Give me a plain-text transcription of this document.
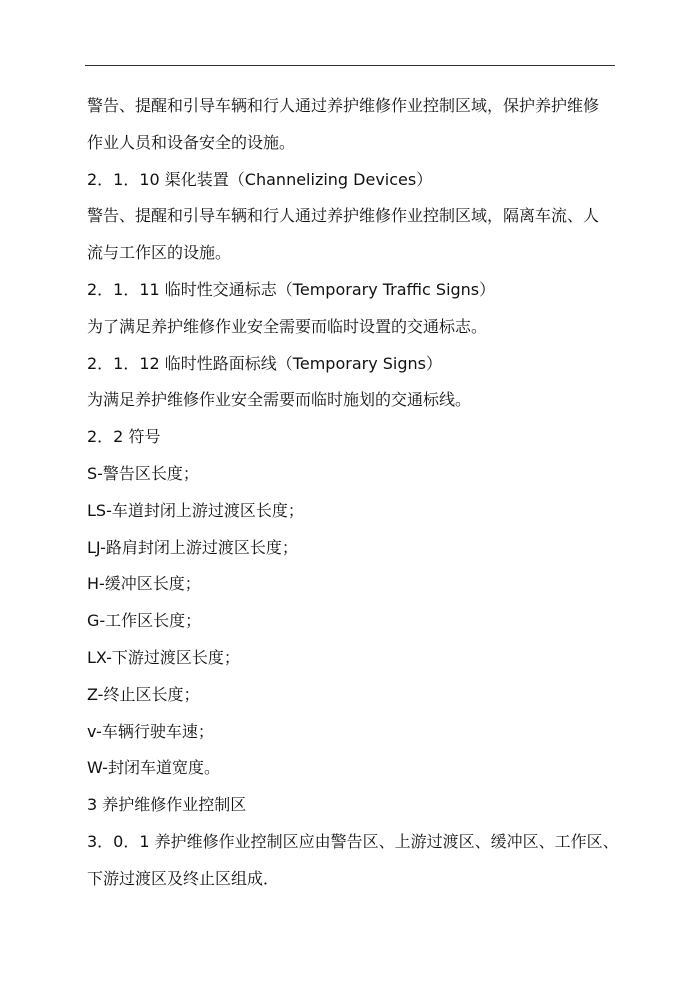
警告、提醒和引导车辆和行人通过养护维修作业控制区域，保护养护维修
作业人员和设备安全的设施。
2．1．10 渠化装置（Channelizing Devices）
警告、提醒和引导车辆和行人通过养护维修作业控制区域，隔离车流、人
流与工作区的设施。
2．1．11 临时性交通标志（Temporary Traffic Signs）
为了满足养护维修作业安全需要而临时设置的交通标志。
2．1．12 临时性路面标线（Temporary Signs）
为满足养护维修作业安全需要而临时施划的交通标线。
2．2 符号
S-警告区长度；
LS-车道封闭上游过渡区长度；
LJ-路肩封闭上游过渡区长度；
H-缓冲区长度；
G-工作区长度；
LX-下游过渡区长度；
Z-终止区长度；
v-车辆行驶车速；
W-封闭车道宽度。
3 养护维修作业控制区
3．0．1 养护维修作业控制区应由警告区、上游过渡区、缓冲区、工作区、
下游过渡区及终止区组成．
